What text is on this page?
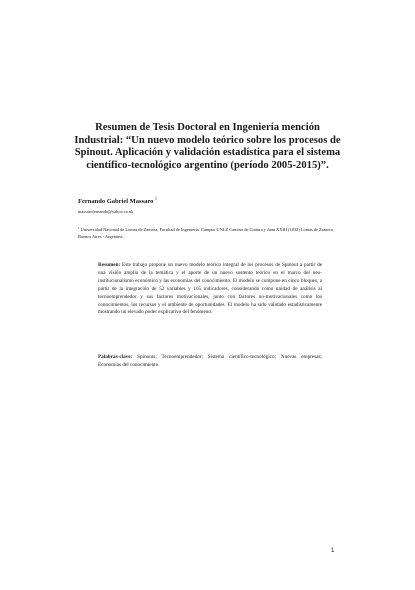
Resumen de Tesis Doctoral en Ingeniería mención Industrial: “Un nuevo modelo teórico sobre los procesos de Spinout. Aplicación y validación estadística para el sistema científico-tecnológico argentino (período 2005-2015)”.
Fernando Gabriel Massaro $^1$
massarofernando@yahoo.co.uk
$^1$ Universidad Nacional de Lomas de Zamora, Facultad de Ingeniería. Campus UNLZ Camino de Cintura y Juan XXIII (1832) Lomas de Zamora, Buenos Aires - Argentina.

Resumen: Este trabajo propone un nuevo modelo teórico integral de los procesos de Spinout a partir de una visión amplia de la temática y el aporte de un nuevo sustento teórico en el marco del neo-institucionalismo económico y las economías del conocimiento. El modelo se compone en cinco bloques, a partir de la integración de 52 variables y 165 indicadores, considerando como unidad de análisis al tecnoemprendedor y sus factores motivacionales, junto con factores no-motivacionales como los conocimientos, los recursos y el ambiente de oportunidades. El modelo ha sido validado estadísticamente mostrando un elevado poder explicativo del fenómeno.

Palabras-clave: Spinouts; Tecnoemprendedor; Sistema científico-tecnológico; Nuevas empresas; Economías del conocimiento.

1
